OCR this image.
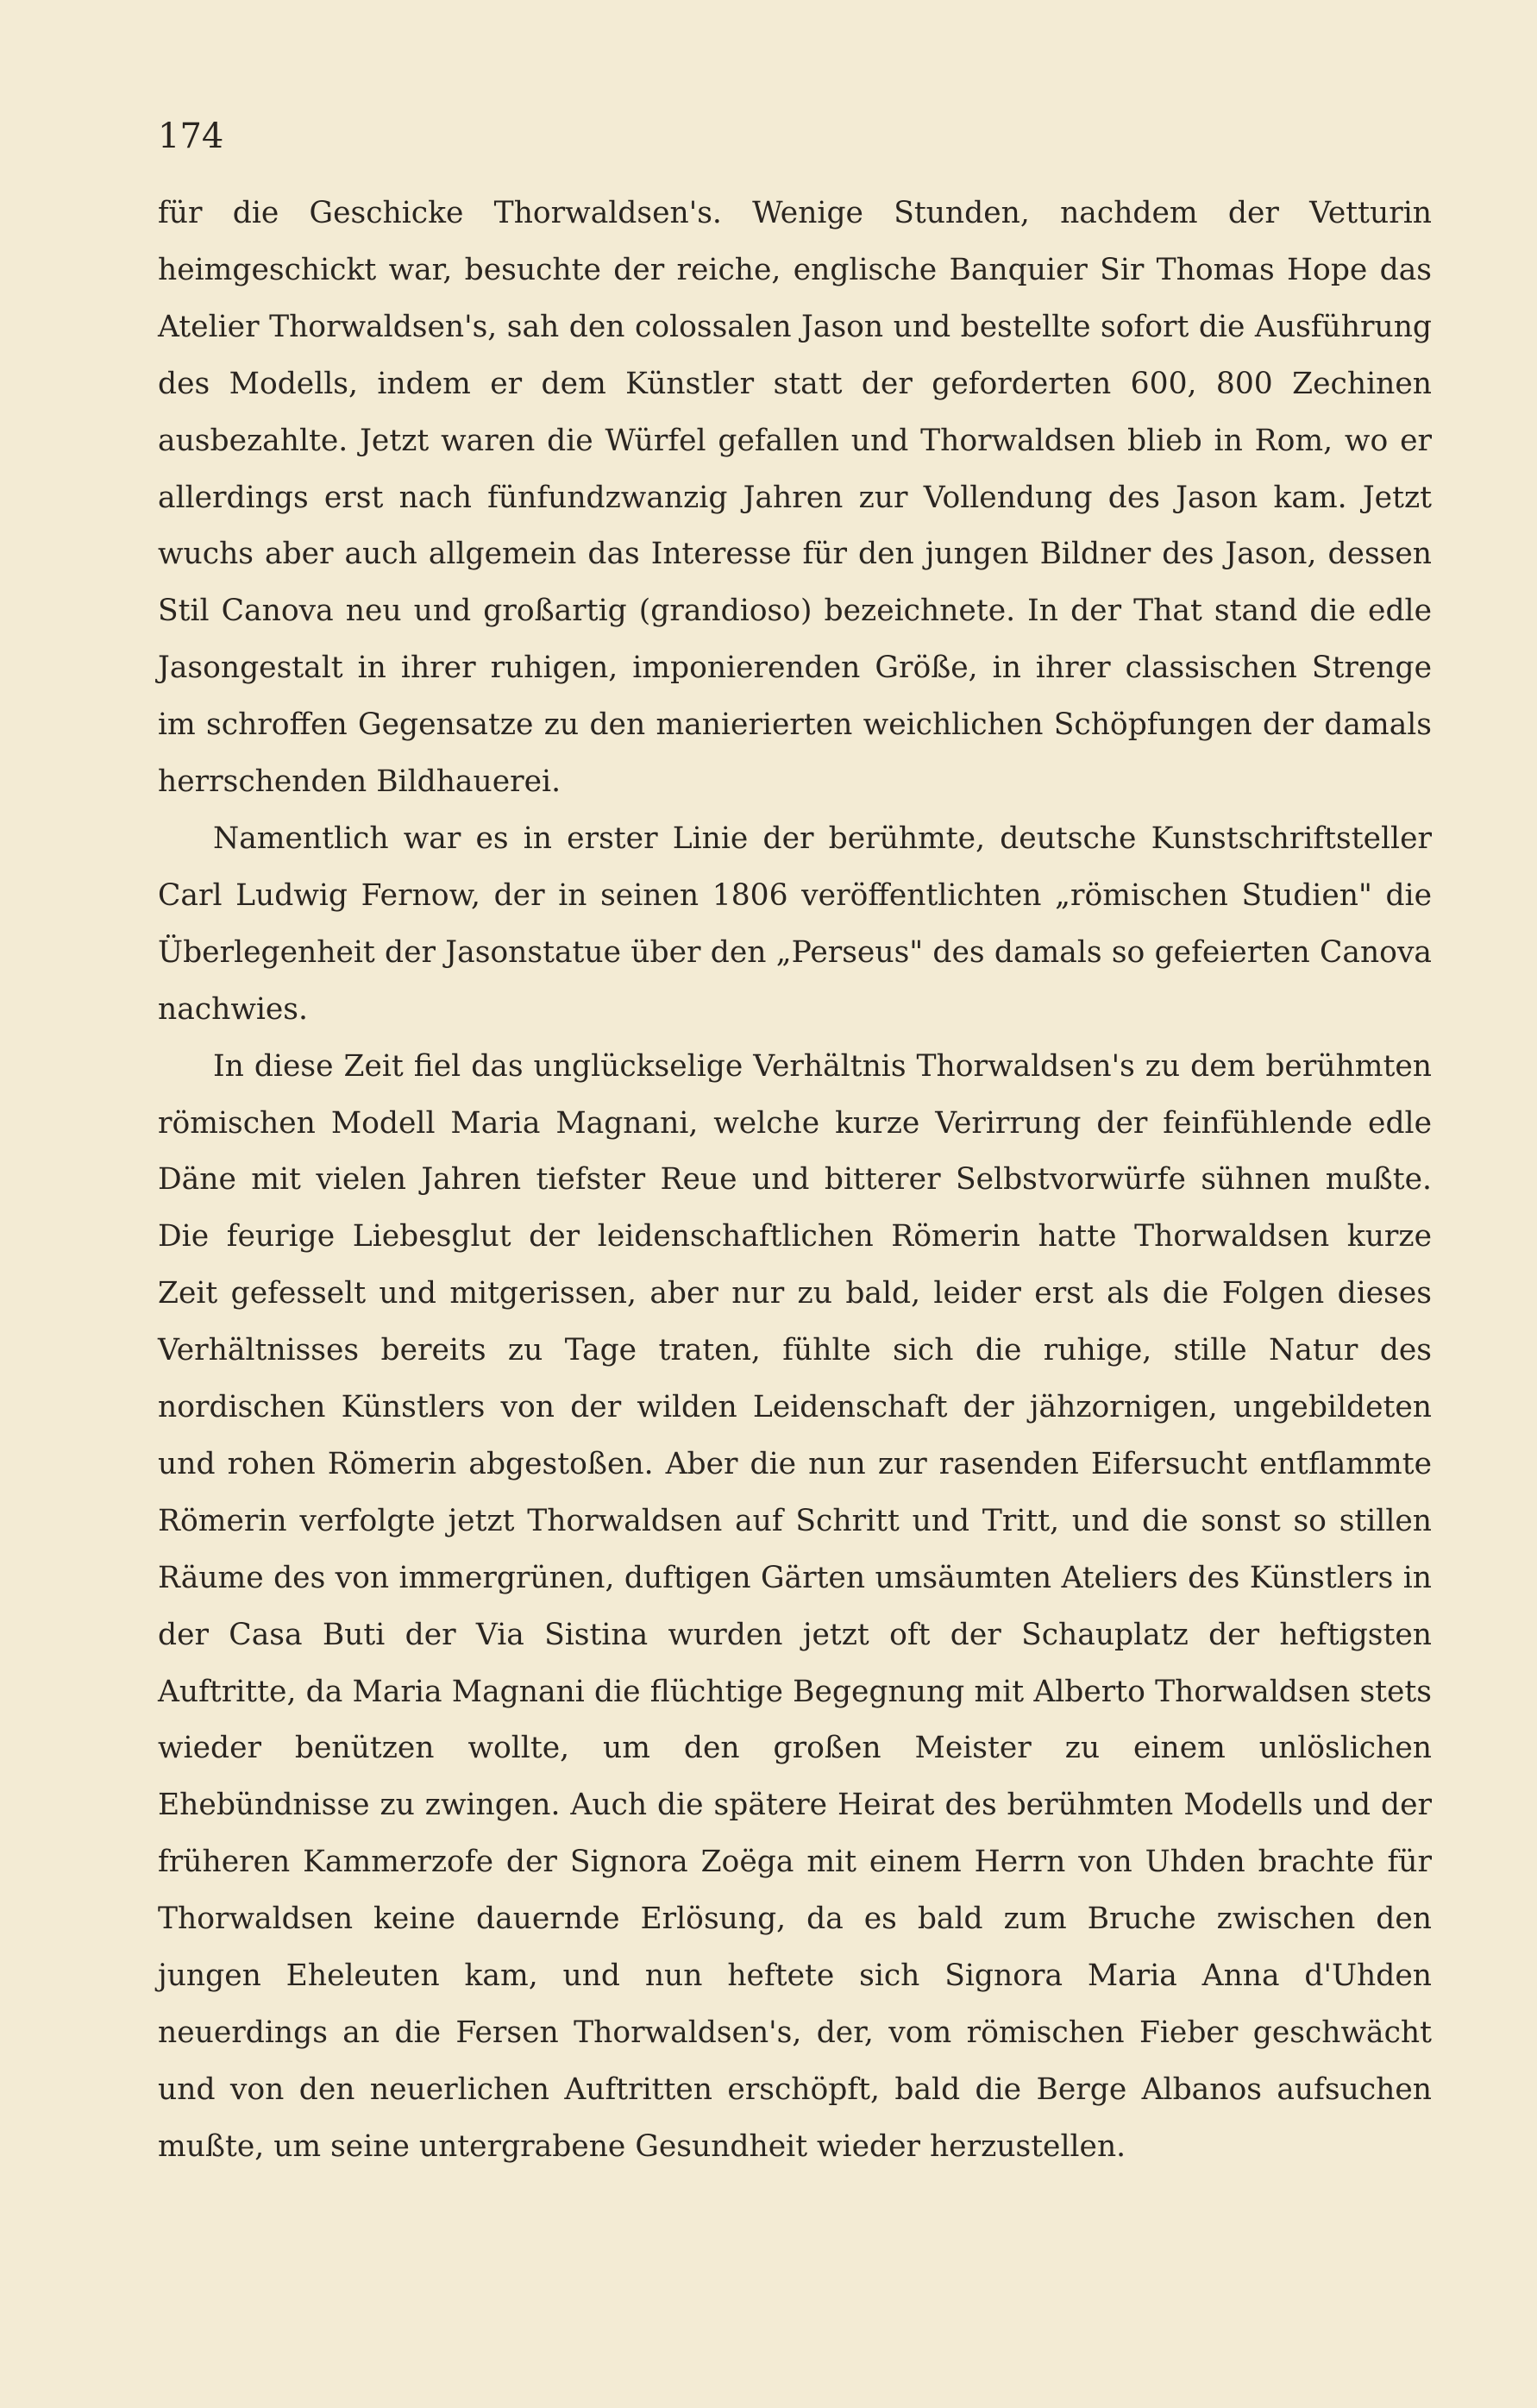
174

für die Geschicke Thorwaldsen's. Wenige Stunden, nachdem der Vetturin heimgeschickt war, besuchte der reiche, englische Banquier Sir Thomas Hope das Atelier Thorwaldsen's, sah den colossalen Jason und bestellte sofort die Ausführung des Modells, indem er dem Künstler statt der geforderten 600, 800 Zechinen ausbezahlte. Jetzt waren die Würfel gefallen und Thorwaldsen blieb in Rom, wo er allerdings erst nach fünfundzwanzig Jahren zur Vollendung des Jason kam. Jetzt wuchs aber auch allgemein das Interesse für den jungen Bildner des Jason, dessen Stil Canova neu und großartig (grandioso) bezeichnete. In der That stand die edle Jasongestalt in ihrer ruhigen, imponierenden Größe, in ihrer classischen Strenge im schroffen Gegensatze zu den manierierten weichlichen Schöpfungen der damals herrschenden Bildhauerei.

Namentlich war es in erster Linie der berühmte, deutsche Kunstschriftsteller Carl Ludwig Fernow, der in seinen 1806 veröffentlichten „römischen Studien" die Überlegenheit der Jasonstatue über den „Perseus" des damals so gefeierten Canova nachwies.

In diese Zeit fiel das unglückselige Verhältnis Thorwaldsen's zu dem berühmten römischen Modell Maria Magnani, welche kurze Verirrung der feinfühlende edle Däne mit vielen Jahren tiefster Reue und bitterer Selbstvorwürfe sühnen mußte. Die feurige Liebesglut der leidenschaftlichen Römerin hatte Thorwaldsen kurze Zeit gefesselt und mitgerissen, aber nur zu bald, leider erst als die Folgen dieses Verhältnisses bereits zu Tage traten, fühlte sich die ruhige, stille Natur des nordischen Künstlers von der wilden Leidenschaft der jähzornigen, ungebildeten und rohen Römerin abgestoßen. Aber die nun zur rasenden Eifersucht entflammte Römerin verfolgte jetzt Thorwaldsen auf Schritt und Tritt, und die sonst so stillen Räume des von immergrünen, duftigen Gärten umsäumten Ateliers des Künstlers in der Casa Buti der Via Sistina wurden jetzt oft der Schauplatz der heftigsten Auftritte, da Maria Magnani die flüchtige Begegnung mit Alberto Thorwaldsen stets wieder benützen wollte, um den großen Meister zu einem unlöslichen Ehebündnisse zu zwingen. Auch die spätere Heirat des berühmten Modells und der früheren Kammerzofe der Signora Zoëga mit einem Herrn von Uhden brachte für Thorwaldsen keine dauernde Erlösung, da es bald zum Bruche zwischen den jungen Eheleuten kam, und nun heftete sich Signora Maria Anna d'Uhden neuerdings an die Fersen Thorwaldsen's, der, vom römischen Fieber geschwächt und von den neuerlichen Auftritten erschöpft, bald die Berge Albanos aufsuchen mußte, um seine untergrabene Gesundheit wieder herzustellen.
